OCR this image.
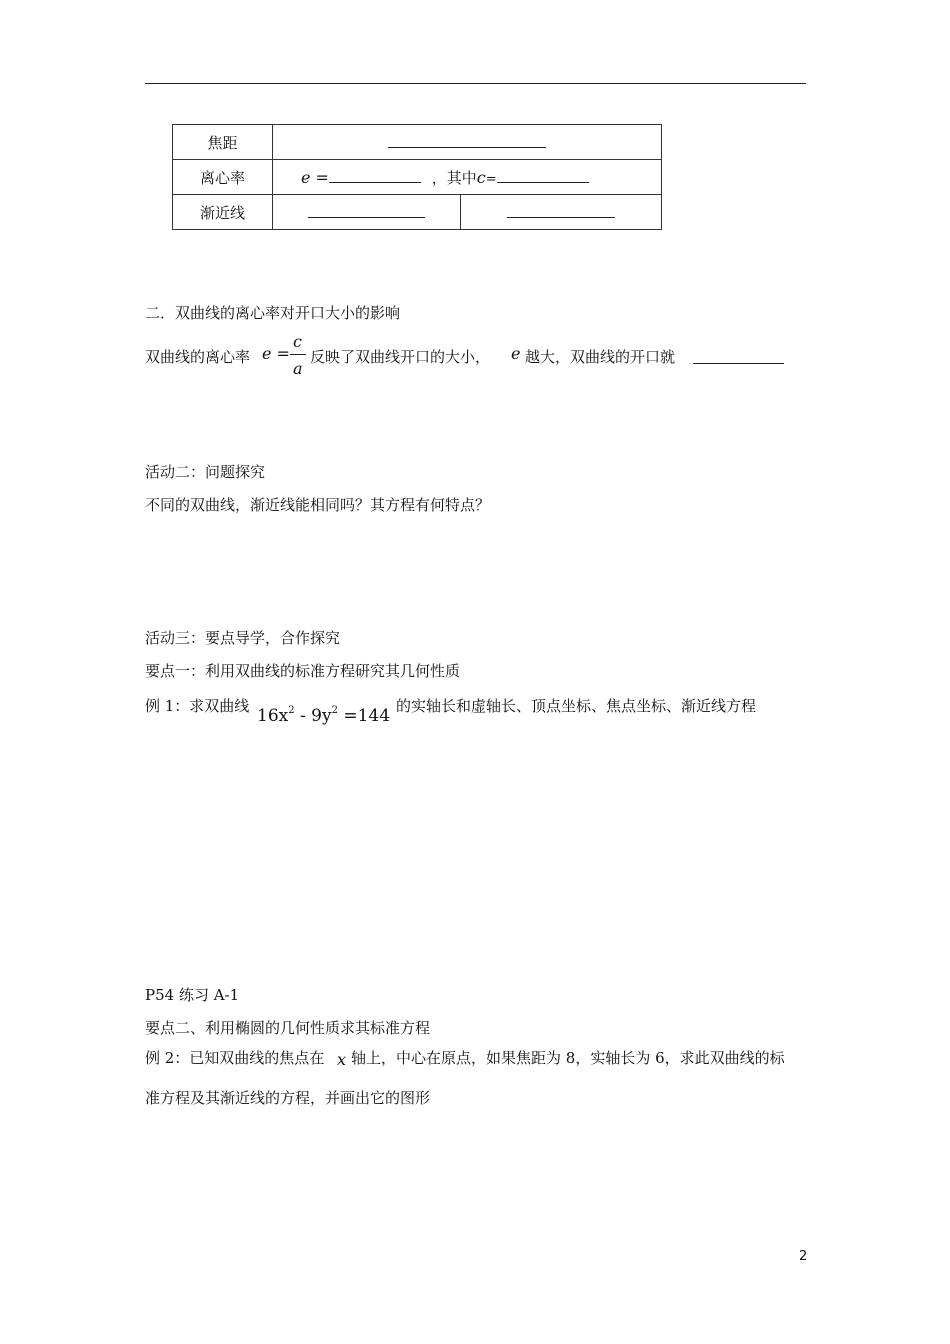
焦距		
离心率	e = ，其中c=	
渐近线		
二．双曲线的离心率对开口大小的影响
双曲线的离心率 e =
c
a
反映了双曲线开口的大小， e 越大，双曲线的开口就
活动二：问题探究
不同的双曲线，渐近线能相同吗？其方程有何特点？
活动三：要点导学，合作探究
要点一：利用双曲线的标准方程研究其几何性质
例 1：求双曲线 $16x^2 - 9y^2 =144$ 的实轴长和虚轴长、顶点坐标、焦点坐标、渐近线方程
P54 练习 A-1
要点二、利用椭圆的几何性质求其标准方程
例 2：已知双曲线的焦点在 x 轴上，中心在原点，如果焦距为 8，实轴长为 6，求此双曲线的标
准方程及其渐近线的方程，并画出它的图形
2
